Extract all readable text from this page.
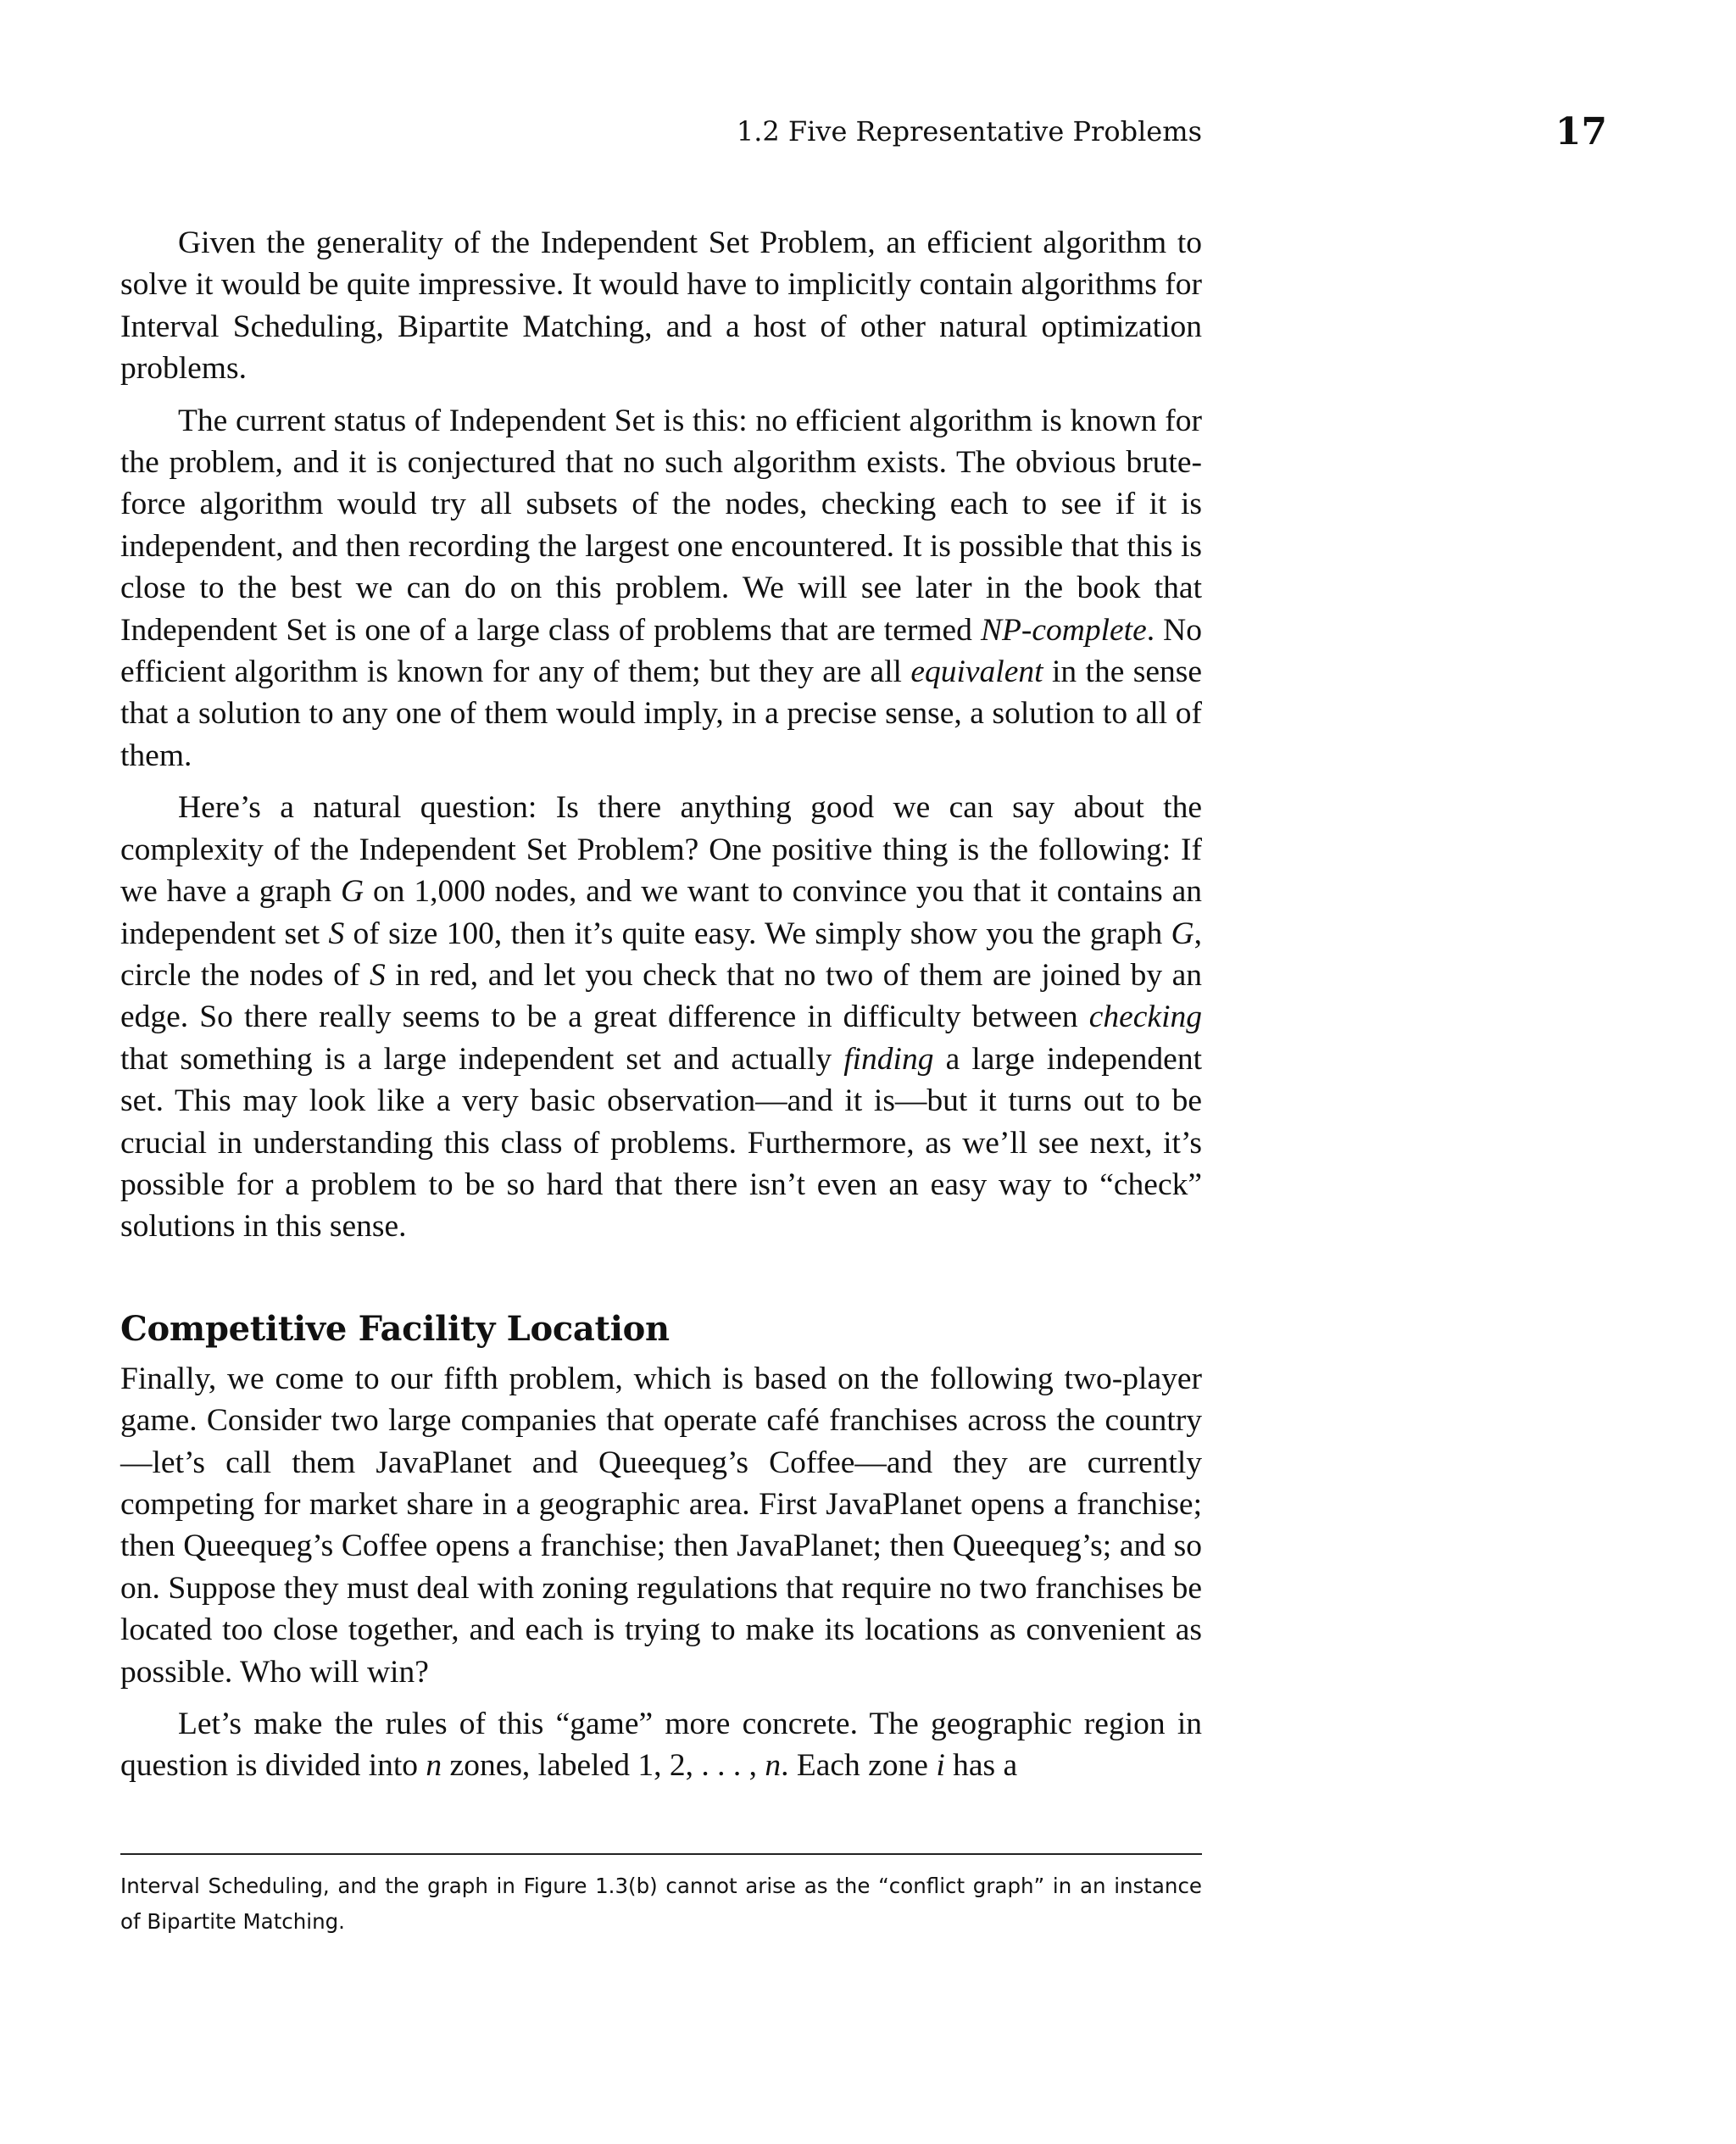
1.2 Five Representative Problems	17

Given the generality of the Independent Set Problem, an efficient algorithm to solve it would be quite impressive. It would have to implicitly contain algorithms for Interval Scheduling, Bipartite Matching, and a host of other natural optimization problems.

The current status of Independent Set is this: no efficient algorithm is known for the problem, and it is conjectured that no such algorithm exists. The obvious brute-force algorithm would try all subsets of the nodes, checking each to see if it is independent, and then recording the largest one encountered. It is possible that this is close to the best we can do on this problem. We will see later in the book that Independent Set is one of a large class of problems that are termed NP-complete. No efficient algorithm is known for any of them; but they are all equivalent in the sense that a solution to any one of them would imply, in a precise sense, a solution to all of them.

Here’s a natural question: Is there anything good we can say about the complexity of the Independent Set Problem? One positive thing is the following: If we have a graph G on 1,000 nodes, and we want to convince you that it contains an independent set S of size 100, then it’s quite easy. We simply show you the graph G, circle the nodes of S in red, and let you check that no two of them are joined by an edge. So there really seems to be a great difference in difficulty between checking that something is a large independent set and actually finding a large independent set. This may look like a very basic observation—and it is—but it turns out to be crucial in understanding this class of problems. Furthermore, as we’ll see next, it’s possible for a problem to be so hard that there isn’t even an easy way to “check” solutions in this sense.

Competitive Facility Location

Finally, we come to our fifth problem, which is based on the following two-player game. Consider two large companies that operate café franchises across the country—let’s call them JavaPlanet and Queequeg’s Coffee—and they are currently competing for market share in a geographic area. First JavaPlanet opens a franchise; then Queequeg’s Coffee opens a franchise; then JavaPlanet; then Queequeg’s; and so on. Suppose they must deal with zoning regulations that require no two franchises be located too close together, and each is trying to make its locations as convenient as possible. Who will win?

Let’s make the rules of this “game” more concrete. The geographic region in question is divided into n zones, labeled 1, 2, . . . , n. Each zone i has a

Interval Scheduling, and the graph in Figure 1.3(b) cannot arise as the “conflict graph” in an instance of Bipartite Matching.
